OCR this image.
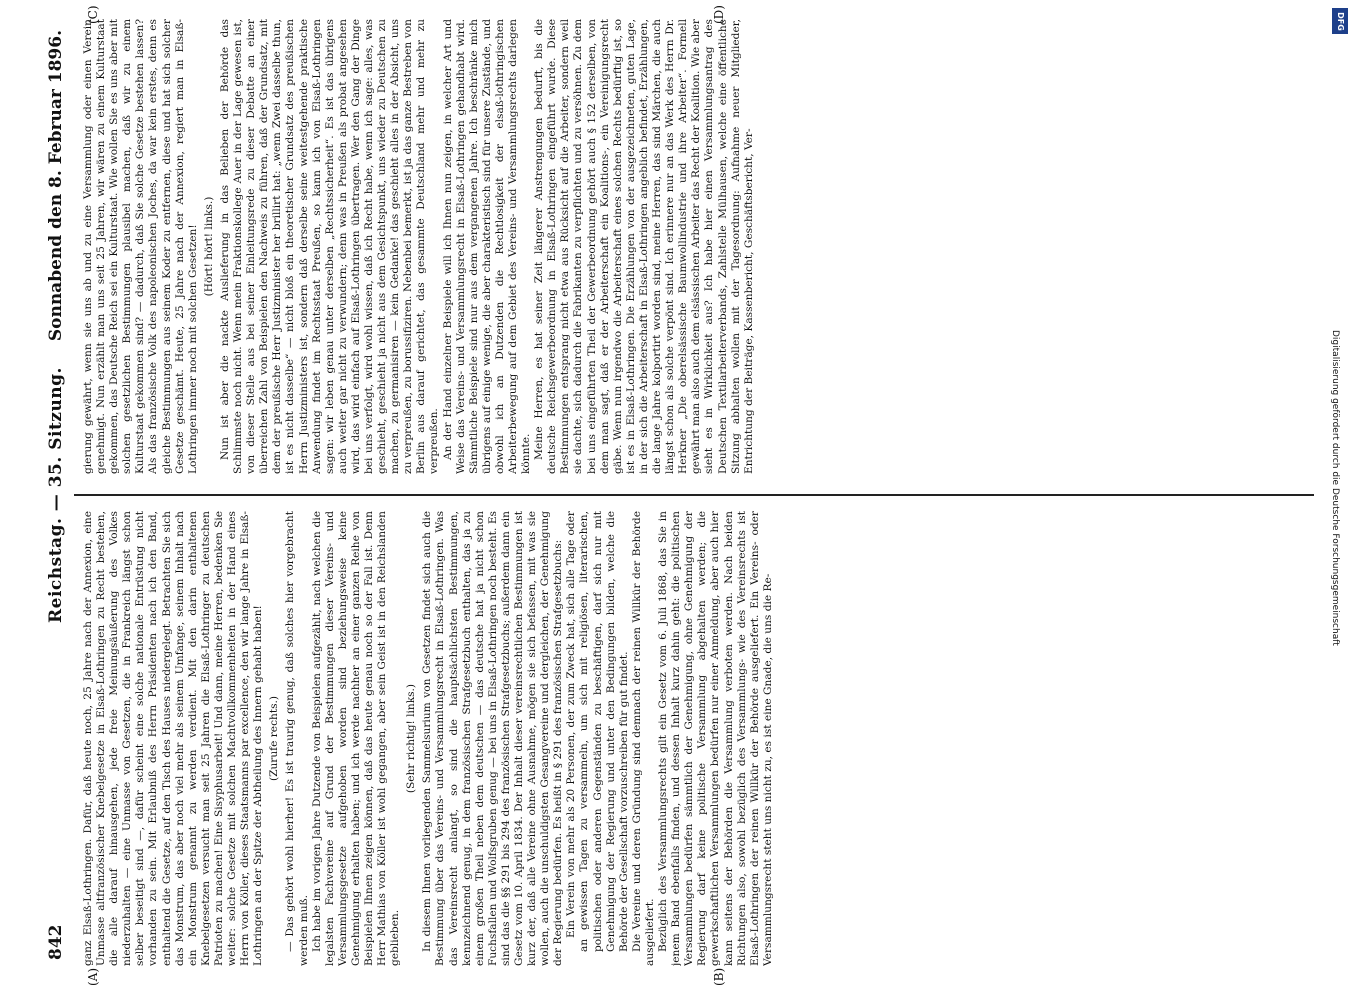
842
Reichstag. — 35. Sitzung.
Sonnabend den 8. Februar 1896.
(A)	(B)
(C)	(D)

ganz Elsaß-Lothringen. Dafür, daß heute noch, 25 Jahre nach der Annexion, eine Unmasse altfranzösischer Knebelgesetze in Elsaß-Lothringen zu Recht bestehen, die alle darauf hinausgehen, jede freie Meinungsäußerung des Volkes niederzuhalten — eine Unmasse von Gesetzen, die in Frankreich längst schon selber beseitigt sind —, dafür scheint eine solche nationale Entrüstung nicht vorhanden zu sein. Mit Erlaubniß des Herrn Präsidenten nach ich den Band, enthaltend die Gesetze, auf den Tisch des Hauses niedergelegt. Betrachten Sie sich das Monstrum, das aber noch viel mehr als seinem Umfange, seinem Inhalt nach ein Monstrum genannt zu werden verdient. Mit den darin enthaltenen Knebelgesetzen versucht man seit 25 Jahren die Elsaß-Lothringer zu deutschen Patrioten zu machen! Eine Sisyphusarbeit! Und dann, meine Herren, bedenken Sie weiter: solche Gesetze mit solchen Machtvollkommenheiten in der Hand eines Herrn von Köller, dieses Staatsmanns par excellence, den wir lange Jahre in Elsaß-Lothringen an der Spitze der Abtheilung des Innern gehabt haben! (Zurufe rechts.) — Das gehört wohl hierher! Es ist traurig genug, daß solches hier vorgebracht werden muß. Ich habe im vorigen Jahre Dutzende von Beispielen aufgezählt, nach welchen die legalsten Fachvereine auf Grund der Bestimmungen dieser Vereins- und Versammlungsgesetze aufgehoben worden sind beziehungsweise keine Genehmigung erhalten haben; und ich werde nachher an einer ganzen Reihe von Beispielen Ihnen zeigen können, daß das heute genau noch so der Fall ist. Denn Herr Mathias von Köller ist wohl gegangen, aber sein Geist ist in den Reichslanden geblieben.

(Sehr richtig! links.) In diesem Ihnen vorliegenden Sammelsurium von Gesetzen findet sich auch die Bestimmung über das Vereins- und Versammlungsrecht in Elsaß-Lothringen. Was das Vereinsrecht anlangt, so sind die hauptsächlichsten Bestimmungen, kennzeichnend genug, in dem französischen Strafgesetzbuch enthalten, das ja zu einem großen Theil neben dem deutschen — das deutsche hat ja nicht schon Fuchsfallen und Wolfsgruben genug — bei uns in Elsaß-Lothringen noch besteht. Es sind das die §§ 291 bis 294 des französischen Strafgesetzbuchs; außerdem dann ein Gesetz vom 10. April 1834. Der Inhalt dieser vereinsrechtlichen Bestimmungen ist kurz der, daß alle Vereine ohne Ausnahme, mögen sie sich befassen, mit was sie wollen, auch die unschuldigsten Gesangvereine und dergleichen, der Genehmigung der Regierung bedürfen. Es heißt in § 291 des französischen Strafgesetzbuchs: Ein Verein von mehr als 20 Personen, der zum Zweck hat, sich alle Tage oder an gewissen Tagen zu versammeln, um sich mit religiösen, literarischen, politischen oder anderen Gegenständen zu beschäftigen, darf sich nur mit Genehmigung der Regierung und unter den Bedingungen bilden, welche die Behörde der Gesellschaft vorzuschreiben für gut findet. Die Vereine und deren Gründung sind demnach der reinen Willkür der Behörde ausgeliefert. Bezüglich des Versammlungsrechts gilt ein Gesetz vom 6. Juli 1868, das Sie in jenem Band ebenfalls finden, und dessen Inhalt kurz dahin geht: die politischen Versammlungen bedürfen sämmtlich der Genehmigung, ohne Genehmigung der Regierung darf keine politische Versammlung abgehalten werden; die gewerkschaftlichen Versammlungen bedürfen nur einer Anmeldung, aber auch hier kann seitens der Behörden die Versammlung verboten werden. Nach beiden Richtungen also, sowohl bezüglich des Versammlungs- wie des Vereinsrechts ist Elsaß-Lothringen der reinen Willkür der Behörde ausgeliefert. Ein Vereins- oder Versammlungsrecht steht uns nicht zu, es ist eine Gnade, die uns die Re-

gierung gewährt, wenn sie uns ab und zu eine Versammlung oder einen Verein genehmigt. Nun erzählt man uns seit 25 Jahren, wir wären zu einem Kulturstaat gekommen, das Deutsche Reich sei ein Kulturstaat. Wie wollen Sie es uns aber mit solchen gesetzlichen Bestimmungen plausibel machen, daß wir zu einem Kulturstaat gekommen sind? — dadurch, daß Sie solche Gesetze bestehen lassen? Als das französische Volk des napoleonischen Joches, da war kein erstes, denn es gleiche Bestimmungen aus seinem Koder zu entfernen, diese und hat sich solcher Gesetze geschämt. Heute, 25 Jahre nach der Annexion, regiert man in Elsaß-Lothringen immer noch mit solchen Gesetzen! (Hört! hört! links.) Nun ist aber die nackte Auslieferung in das Belieben der Behörde das Schlimmste noch nicht. Wenn mein Fraktionskollege Auer in der Lage gewesen ist, von dieser Stelle aus bei seiner Einleitungsrede zu dieser Debatte an einer überreichen Zahl von Beispielen den Nachweis zu führen, daß der Grundsatz, mit dem der preußische Herr Justizminister her brillirt hat: „wenn Zwei dasselbe thun, ist es nicht dasselbe“ — nicht bloß ein theoretischer Grundsatz des preußischen Herrn Justizministers ist, sondern daß derselbe seine weitestgehende praktische Anwendung findet im Rechtsstaat Preußen, so kann ich von Elsaß-Lothringen sagen: wir leben genau unter derselben „Rechtssicherheit“. Es ist das übrigens auch weiter gar nicht zu verwundern; denn was in Preußen als probat angesehen wird, das wird einfach auf Elsaß-Lothringen übertragen. Wer den Gang der Dinge bei uns verfolgt, wird wohl wissen, daß ich Recht habe, wenn ich sage: alles, was geschieht, geschieht ja nicht aus dem Gesichtspunkt, uns wieder zu Deutschen zu machen, zu germanisiren — kein Gedanke! das geschieht alles in der Absicht, uns zu verpreußen, zu borussifiziren. Nebenbei bemerkt, ist ja das ganze Bestreben von Berlin aus darauf gerichtet, das gesammte Deutschland mehr und mehr zu verpreußen. An der Hand einzelner Beispiele will ich Ihnen nun zeigen, in welcher Art und Weise das Vereins- und Versammlungsrecht in Elsaß-Lothringen gehandhabt wird. Sämmtliche Beispiele sind nur aus dem vergangenen Jahre. Ich beschränke mich übrigens auf einige wenige, die aber charakteristisch sind für unsere Zustände, und obwohl ich an Dutzenden die Rechtlosigkeit der elsaß-lothringischen Arbeiterbewegung auf dem Gebiet des Vereins- und Versammlungsrechts darlegen könnte. Meine Herren, es hat seiner Zeit längerer Anstrengungen bedurft, bis die deutsche Reichsgewerbeordnung in Elsaß-Lothringen eingeführt wurde. Diese Bestimmungen entsprang nicht etwa aus Rücksicht auf die Arbeiter, sondern weil sie dachte, sich dadurch die Fabrikanten zu verpflichten und zu versöhnen. Zu dem bei uns eingeführten Theil der Gewerbeordnung gehört auch § 152 derselben, von dem man sagt, daß er der Arbeiterschaft ein Koalitions-, ein Vereinigungsrecht gäbe. Wenn nun irgendwo die Arbeiterschaft eines solchen Rechts bedürftig ist, so ist es in Elsaß-Lothringen. Die Erzählungen von der ausgezeichneten, guten Lage, in der sich die Arbeiterschaft in Elsaß-Lothringen angeblich befindet, Erzählungen, die lange Jahre kolportirt worden sind, meine Herren, das sind Märchen, die auch längst schon als solche verpönt sind. Ich erinnere nur an das Werk des Herrn Dr. Herkner „Die oberelsässische Baumwollindustrie und ihre Arbeiter“. Formell gewährt man also auch dem elsässischen Arbeiter das Recht der Koalition. Wie aber sieht es in Wirklichkeit aus? Ich habe hier einen Versammlungsantrag des Deutschen Textilarbeiterverbands, Zahlstelle Mülhausen, welche eine öffentliche Sitzung abhalten wollen mit der Tagesordnung: Aufnahme neuer Mitglieder, Entrichtung der Beiträge, Kassenbericht, Geschäftsbericht, Ver-

DFG
Digitalisierung gefördert durch die Deutsche Forschungsgemeinschaft
